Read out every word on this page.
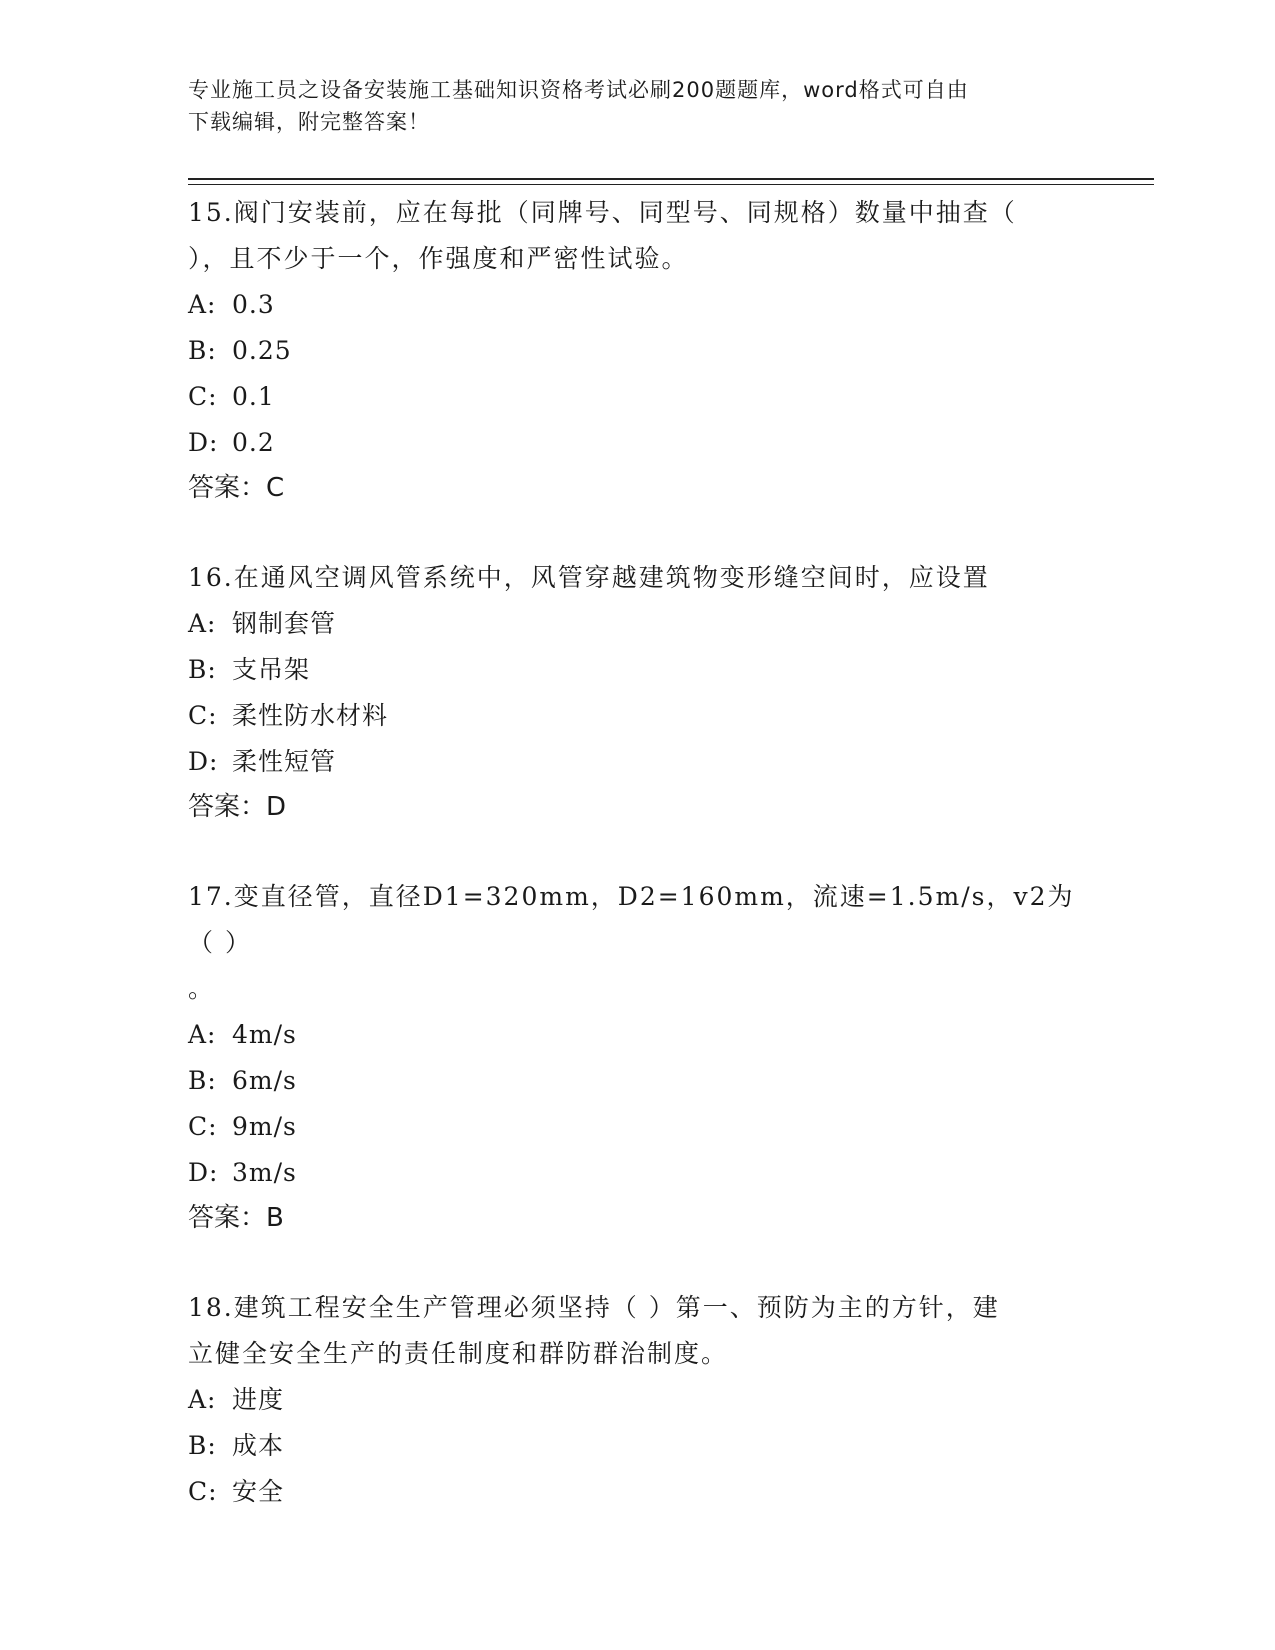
专业施工员之设备安装施工基础知识资格考试必刷200题题库，word格式可自由
下载编辑，附完整答案！

15.阀门安装前，应在每批（同牌号、同型号、同规格）数量中抽查（

），且不少于一个，作强度和严密性试验。

A: 0.3

B: 0.25

C: 0.1

D: 0.2

答案：C

16.在通风空调风管系统中，风管穿越建筑物变形缝空间时，应设置

A: 钢制套管

B: 支吊架

C: 柔性防水材料

D: 柔性短管

答案：D

17.变直径管，直径D1=320mm，D2=160mm，流速=1.5m/s，v2为（ ）

。

A: 4m/s

B: 6m/s

C: 9m/s

D: 3m/s

答案：B

18.建筑工程安全生产管理必须坚持（ ）第一、预防为主的方针，建

立健全安全生产的责任制度和群防群治制度。

A: 进度

B: 成本

C: 安全
